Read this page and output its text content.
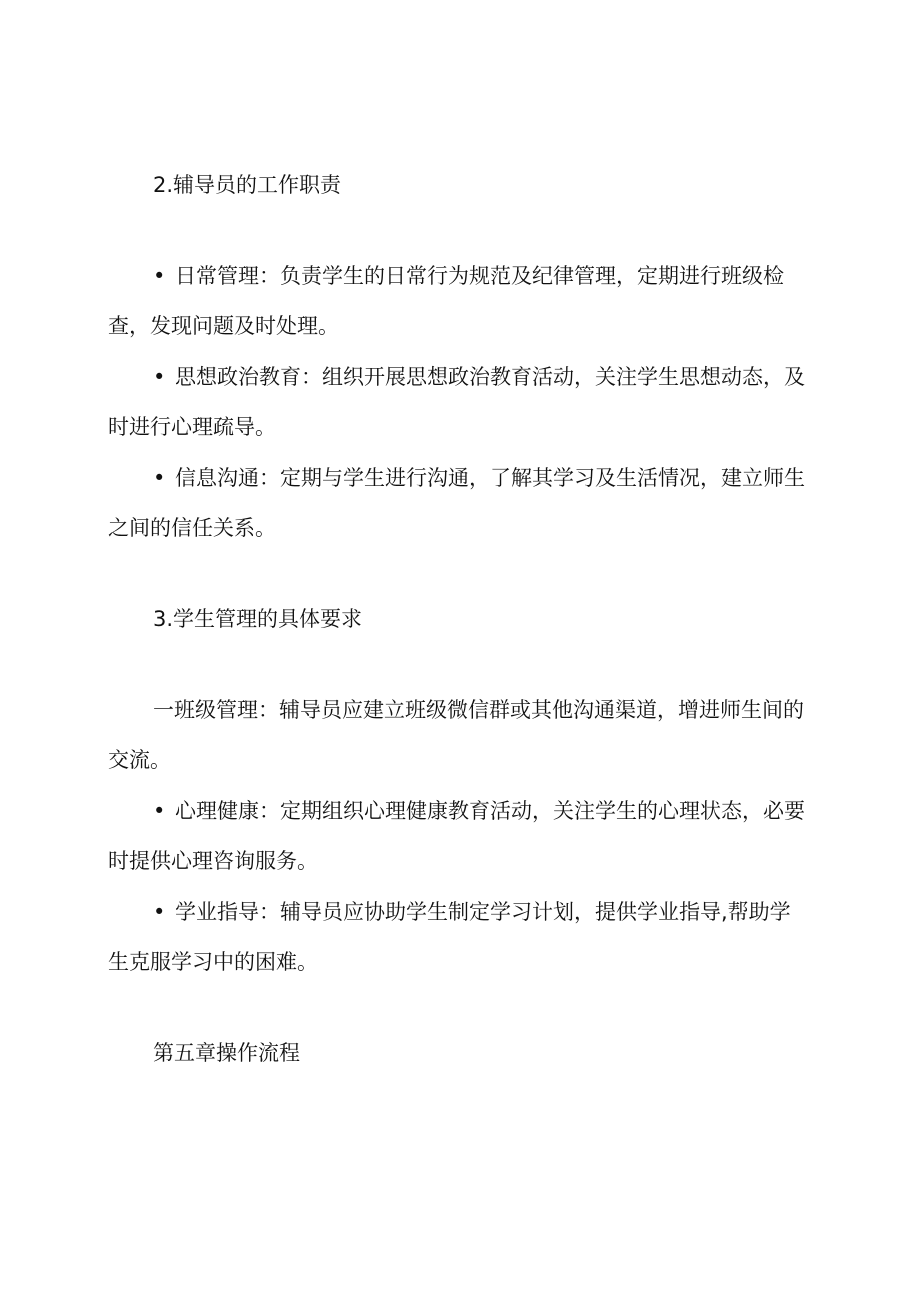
2.辅导员的工作职责

• 日常管理：负责学生的日常行为规范及纪律管理，定期进行班级检查，发现问题及时处理。

• 思想政治教育：组织开展思想政治教育活动，关注学生思想动态，及时进行心理疏导。

• 信息沟通：定期与学生进行沟通，了解其学习及生活情况，建立师生之间的信任关系。

3.学生管理的具体要求

一班级管理：辅导员应建立班级微信群或其他沟通渠道，增进师生间的交流。

• 心理健康：定期组织心理健康教育活动，关注学生的心理状态，必要时提供心理咨询服务。

• 学业指导：辅导员应协助学生制定学习计划，提供学业指导,帮助学生克服学习中的困难。

第五章操作流程
